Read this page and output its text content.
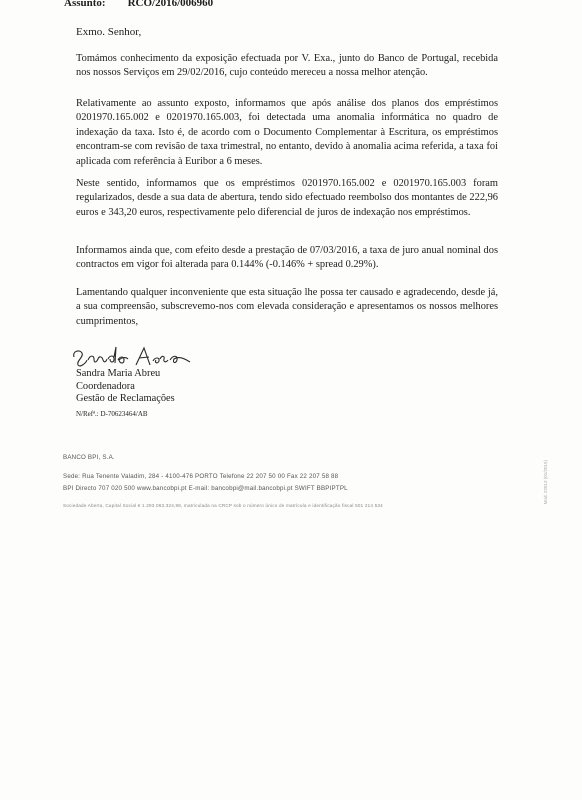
Assunto: RCO/2016/006960
Exmo. Senhor,

Tomámos conhecimento da exposição efectuada por V. Exa., junto do Banco de Portugal, recebida nos nossos Serviços em 29/02/2016, cujo conteúdo mereceu a nossa melhor atenção.

Relativamente ao assunto exposto, informamos que após análise dos planos dos empréstimos 0201970.165.002 e 0201970.165.003, foi detectada uma anomalia informática no quadro de indexação da taxa. Isto é, de acordo com o Documento Complementar à Escritura, os empréstimos encontram-se com revisão de taxa trimestral, no entanto, devido à anomalia acima referida, a taxa foi aplicada com referência à Euribor a 6 meses.

Neste sentido, informamos que os empréstimos 0201970.165.002 e 0201970.165.003 foram regularizados, desde a sua data de abertura, tendo sido efectuado reembolso dos montantes de 222,96 euros e 343,20 euros, respectivamente pelo diferencial de juros de indexação nos empréstimos.

Informamos ainda que, com efeito desde a prestação de 07/03/2016, a taxa de juro anual nominal dos contractos em vigor foi alterada para 0.144% (-0.146% + spread 0.29%).

Lamentando qualquer inconveniente que esta situação lhe possa ter causado e agradecendo, desde já, a sua compreensão, subscrevemo-nos com elevada consideração e apresentamos os nossos melhores cumprimentos,

Sandra Maria Abreu
Coordenadora
Gestão de Reclamações
N/Refª.: D-70623464/AB
BANCO BPI, S.A.
Sede: Rua Tenente Valadim, 284 - 4100-476 PORTO Telefone 22 207 50 00 Fax 22 207 58 88
BPI Directo 707 020 500 www.bancobpi.pt E-mail: bancobpi@mail.bancobpi.pt SWIFT BBPIPTPL
Sociedade Aberta, Capital Social € 1.293.063.324,98, matriculada na CRCP sob o número único de matrícula e identificação fiscal 501 214 534
Mod. 22813 (01/2015)
